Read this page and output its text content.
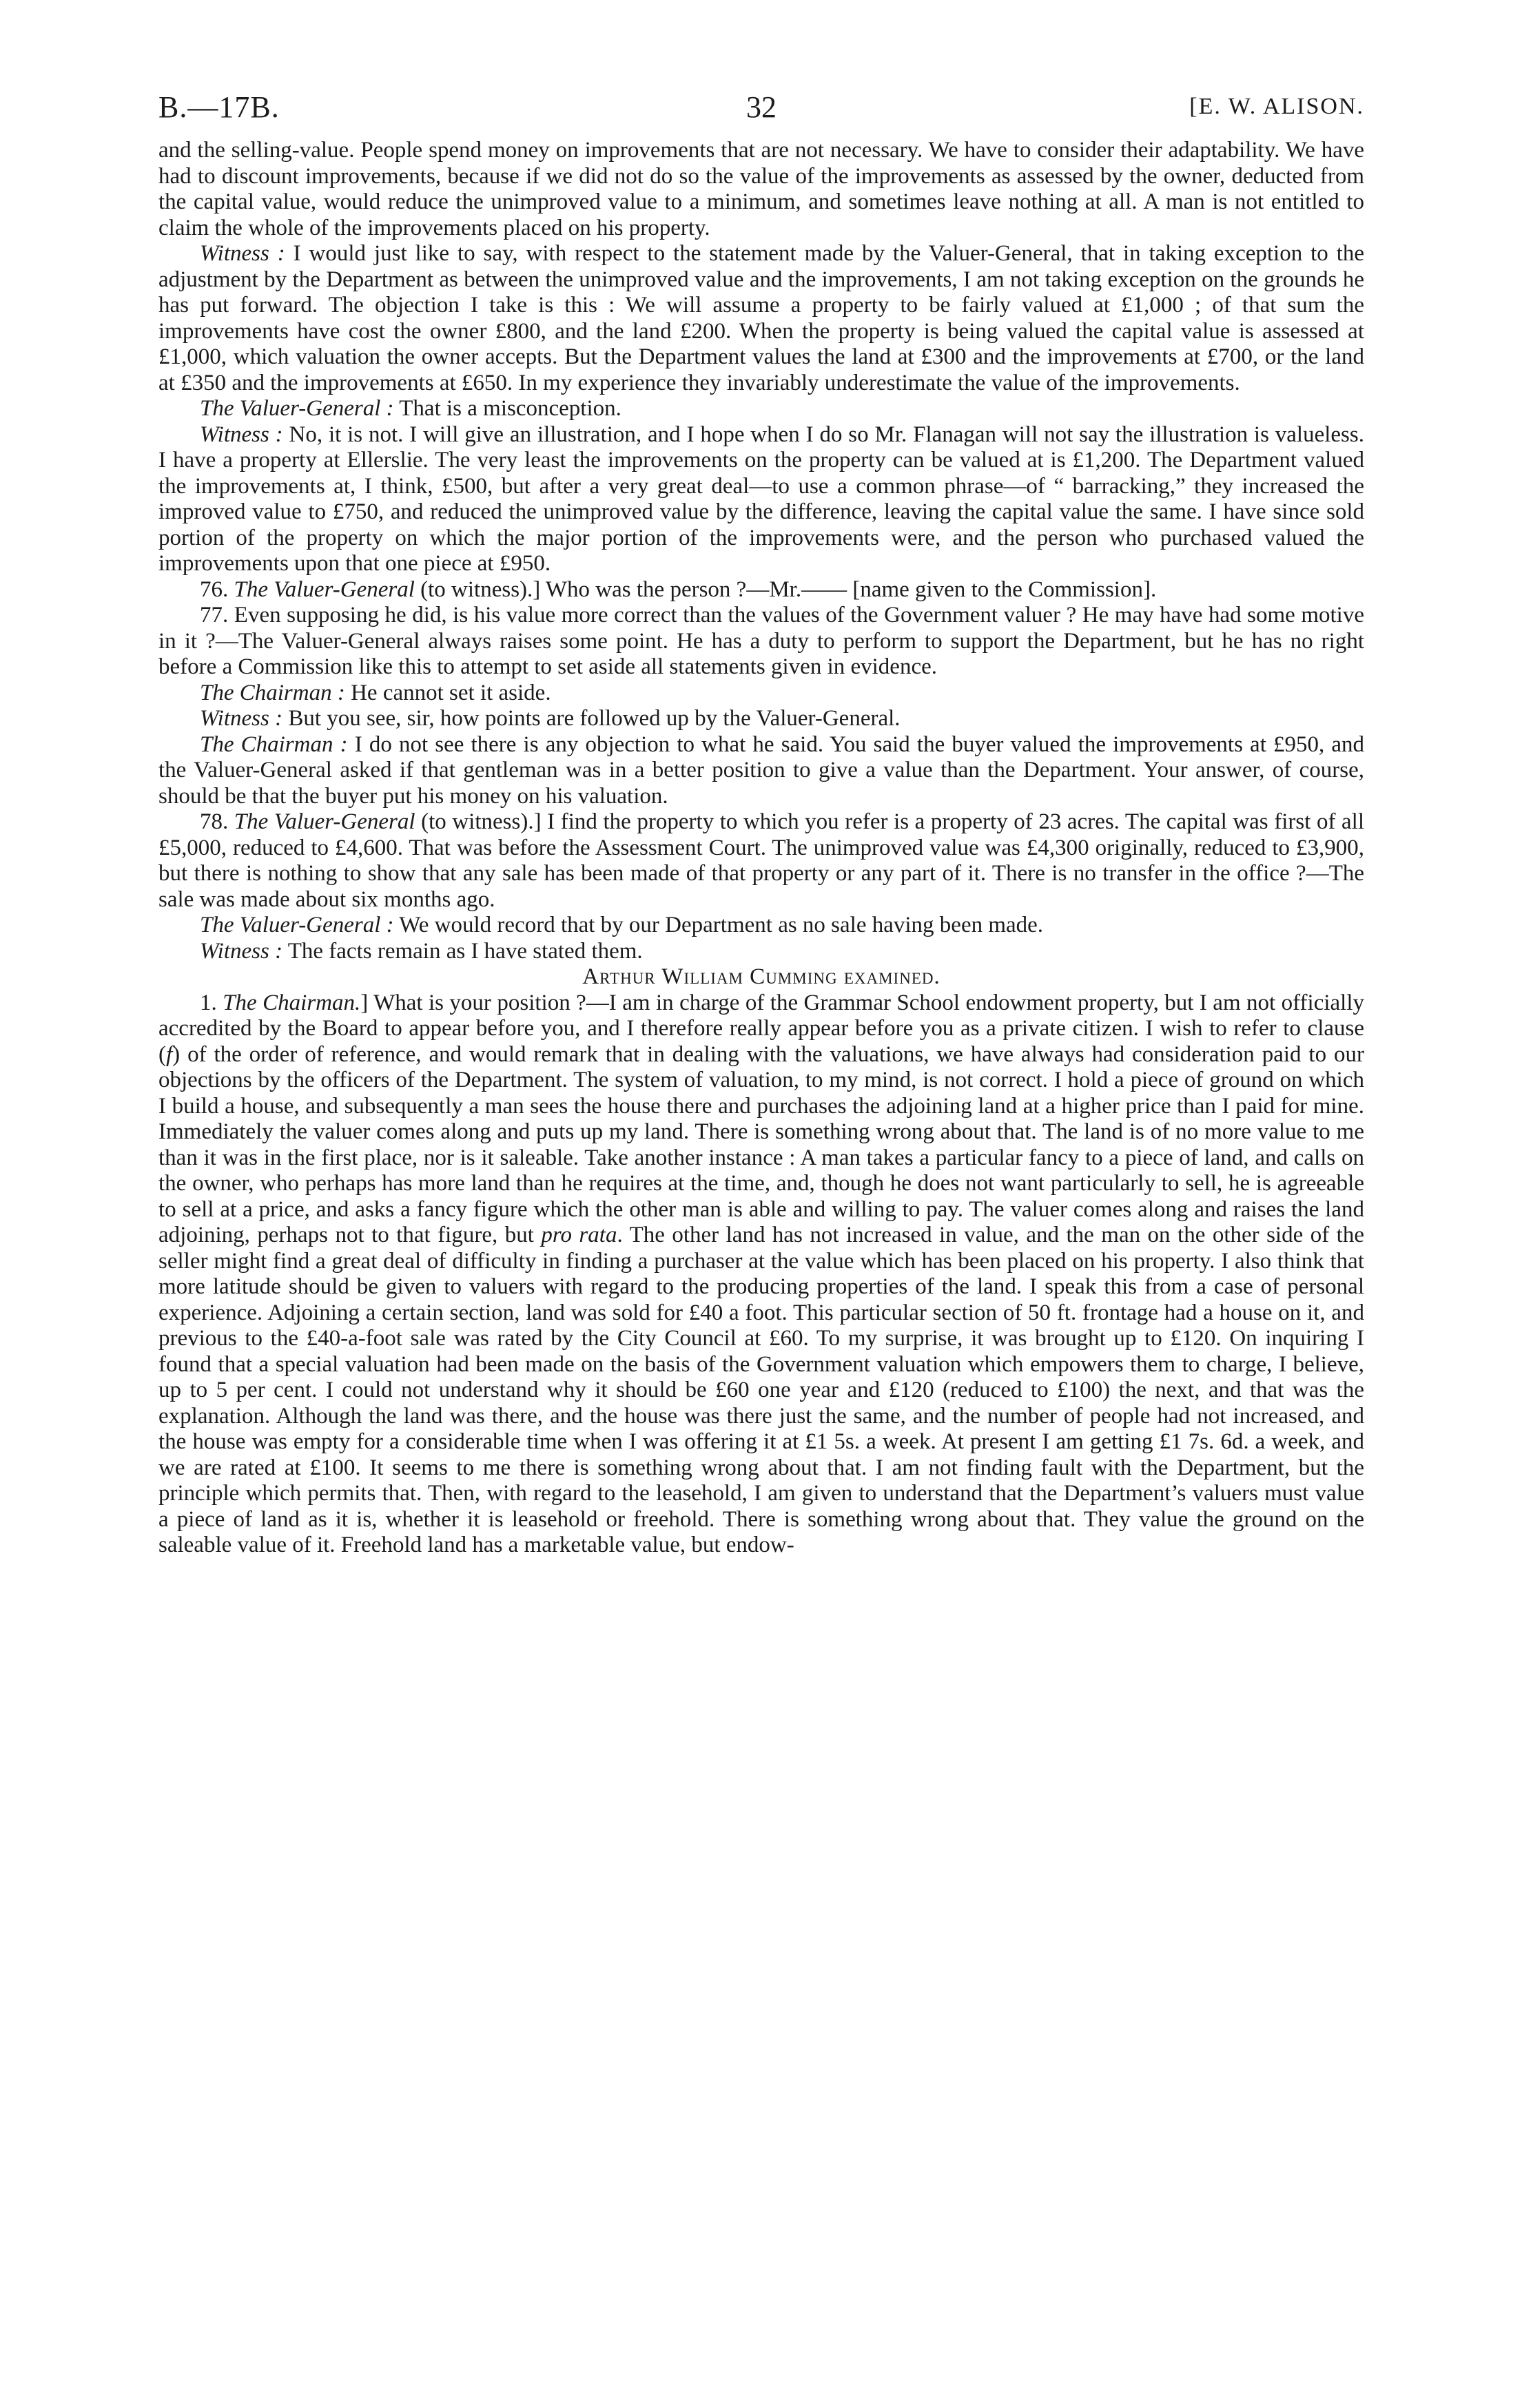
B.—17B.	32	[E. W. ALISON.

and the selling-value. People spend money on improvements that are not necessary. We have to consider their adaptability. We have had to discount improvements, because if we did not do so the value of the improvements as assessed by the owner, deducted from the capital value, would reduce the unimproved value to a minimum, and sometimes leave nothing at all. A man is not entitled to claim the whole of the improvements placed on his property.

Witness : I would just like to say, with respect to the statement made by the Valuer-General, that in taking exception to the adjustment by the Department as between the unimproved value and the improvements, I am not taking exception on the grounds he has put forward. The objection I take is this : We will assume a property to be fairly valued at £1,000 ; of that sum the improvements have cost the owner £800, and the land £200. When the property is being valued the capital value is assessed at £1,000, which valuation the owner accepts. But the Department values the land at £300 and the improvements at £700, or the land at £350 and the improvements at £650. In my experience they invariably underestimate the value of the improvements.

The Valuer-General : That is a misconception.

Witness : No, it is not. I will give an illustration, and I hope when I do so Mr. Flanagan will not say the illustration is valueless. I have a property at Ellerslie. The very least the improvements on the property can be valued at is £1,200. The Department valued the improvements at, I think, £500, but after a very great deal—to use a common phrase—of “ barracking,” they increased the improved value to £750, and reduced the unimproved value by the difference, leaving the capital value the same. I have since sold portion of the property on which the major portion of the improvements were, and the person who purchased valued the improvements upon that one piece at £950.

76. The Valuer-General (to witness).] Who was the person ?—Mr.—— [name given to the Commission].

77. Even supposing he did, is his value more correct than the values of the Government valuer ? He may have had some motive in it ?—The Valuer-General always raises some point. He has a duty to perform to support the Department, but he has no right before a Commission like this to attempt to set aside all statements given in evidence.

The Chairman : He cannot set it aside.

Witness : But you see, sir, how points are followed up by the Valuer-General.

The Chairman : I do not see there is any objection to what he said. You said the buyer valued the improvements at £950, and the Valuer-General asked if that gentleman was in a better position to give a value than the Department. Your answer, of course, should be that the buyer put his money on his valuation.

78. The Valuer-General (to witness).] I find the property to which you refer is a property of 23 acres. The capital was first of all £5,000, reduced to £4,600. That was before the Assessment Court. The unimproved value was £4,300 originally, reduced to £3,900, but there is nothing to show that any sale has been made of that property or any part of it. There is no transfer in the office ?—The sale was made about six months ago.

The Valuer-General : We would record that by our Department as no sale having been made.

Witness : The facts remain as I have stated them.

Arthur William Cumming examined.

1. The Chairman.] What is your position ?—I am in charge of the Grammar School endowment property, but I am not officially accredited by the Board to appear before you, and I therefore really appear before you as a private citizen. I wish to refer to clause (f) of the order of reference, and would remark that in dealing with the valuations, we have always had consideration paid to our objections by the officers of the Department. The system of valuation, to my mind, is not correct. I hold a piece of ground on which I build a house, and subsequently a man sees the house there and purchases the adjoining land at a higher price than I paid for mine. Immediately the valuer comes along and puts up my land. There is something wrong about that. The land is of no more value to me than it was in the first place, nor is it saleable. Take another instance : A man takes a particular fancy to a piece of land, and calls on the owner, who perhaps has more land than he requires at the time, and, though he does not want particularly to sell, he is agreeable to sell at a price, and asks a fancy figure which the other man is able and willing to pay. The valuer comes along and raises the land adjoining, perhaps not to that figure, but pro rata. The other land has not increased in value, and the man on the other side of the seller might find a great deal of difficulty in finding a purchaser at the value which has been placed on his property. I also think that more latitude should be given to valuers with regard to the producing properties of the land. I speak this from a case of personal experience. Adjoining a certain section, land was sold for £40 a foot. This particular section of 50 ft. frontage had a house on it, and previous to the £40-a-foot sale was rated by the City Council at £60. To my surprise, it was brought up to £120. On inquiring I found that a special valuation had been made on the basis of the Government valuation which empowers them to charge, I believe, up to 5 per cent. I could not understand why it should be £60 one year and £120 (reduced to £100) the next, and that was the explanation. Although the land was there, and the house was there just the same, and the number of people had not increased, and the house was empty for a considerable time when I was offering it at £1 5s. a week. At present I am getting £1 7s. 6d. a week, and we are rated at £100. It seems to me there is something wrong about that. I am not finding fault with the Department, but the principle which permits that. Then, with regard to the leasehold, I am given to understand that the Department’s valuers must value a piece of land as it is, whether it is leasehold or freehold. There is something wrong about that. They value the ground on the saleable value of it. Freehold land has a marketable value, but endow-
